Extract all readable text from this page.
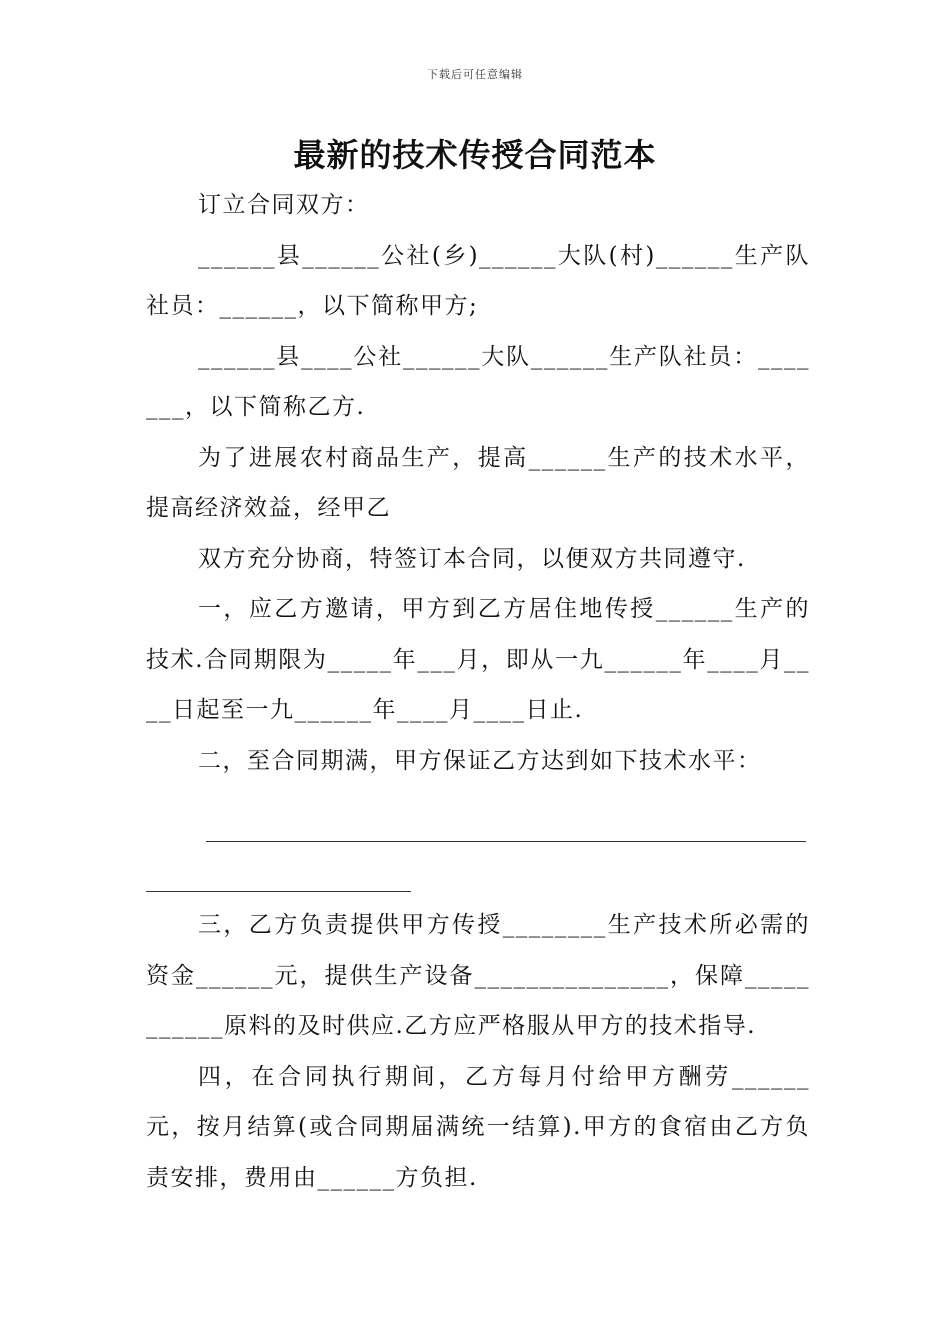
下载后可任意编辑
最新的技术传授合同范本

订立合同双方：

______县______公社(乡)______大队(村)______生产队社员：______，以下简称甲方;

______县____公社______大队______生产队社员：_______，以下简称乙方.

为了进展农村商品生产，提高______生产的技术水平，提高经济效益，经甲乙

双方充分协商，特签订本合同，以便双方共同遵守.

一，应乙方邀请，甲方到乙方居住地传授______生产的技术.合同期限为_____年___月，即从一九______年____月____日起至一九______年____月____日止.

二，至合同期满，甲方保证乙方达到如下技术水平：

三，乙方负责提供甲方传授________生产技术所必需的资金______元，提供生产设备_______________，保障___________原料的及时供应.乙方应严格服从甲方的技术指导.

四，在合同执行期间，乙方每月付给甲方酬劳______元，按月结算(或合同期届满统一结算).甲方的食宿由乙方负责安排，费用由______方负担.
